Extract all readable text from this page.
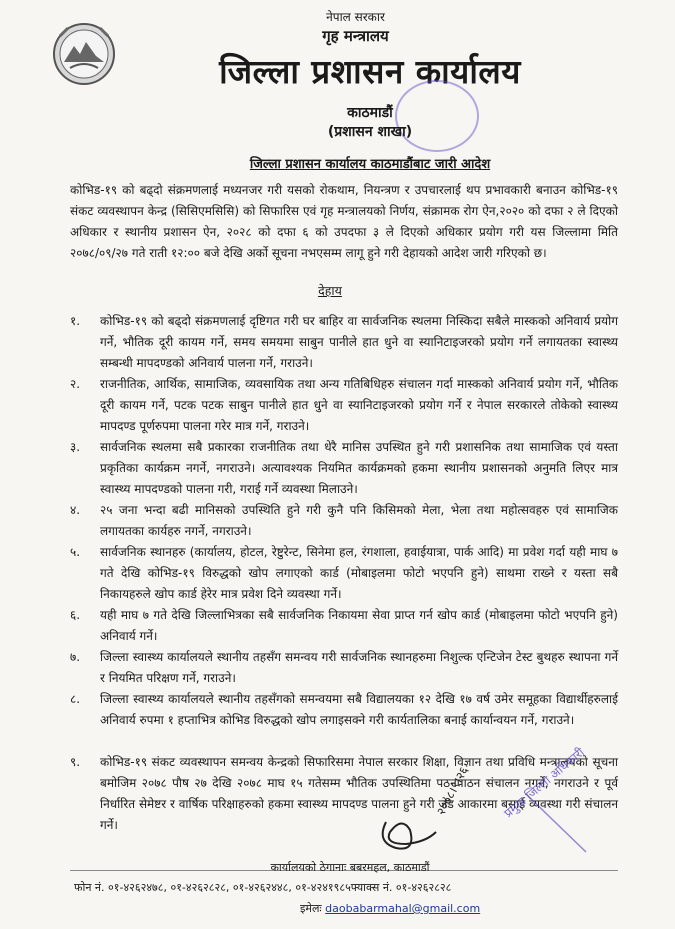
नेपाल सरकार
गृह मन्त्रालय
जिल्ला प्रशासन कार्यालय
काठमाडौं
(प्रशासन शाखा)
जिल्ला प्रशासन कार्यालय काठमाडौंबाट जारी आदेश
कोभिड-१९ को बढ्दो संक्रमणलाई मध्यनजर गरी यसको रोकथाम, नियन्त्रण र उपचारलाई थप प्रभावकारी बनाउन कोभिड-१९ संकट व्यवस्थापन केन्द्र (सिसिएमसिसि) को सिफारिस एवं गृह मन्त्रालयको निर्णय, संक्रामक रोग ऐन,२०२० को दफा २ ले दिएको अधिकार र स्थानीय प्रशासन ऐन, २०२८ को दफा ६ को उपदफा ३ ले दिएको अधिकार प्रयोग गरी यस जिल्लामा मिति २०७८/०९/२७ गते राती १२:०० बजे देखि अर्को सूचना नभएसम्म लागू हुने गरी देहायको आदेश जारी गरिएको छ।
देहाय
१. कोभिड-१९ को बढ्दो संक्रमणलाई दृष्टिगत गरी घर बाहिर वा सार्वजनिक स्थलमा निस्किदा सबैले मास्कको अनिवार्य प्रयोग गर्ने, भौतिक दूरी कायम गर्ने, समय समयमा साबुन पानीले हात धुने वा स्यानिटाइजरको प्रयोग गर्ने लगायतका स्वास्थ्य सम्बन्धी मापदण्डको अनिवार्य पालना गर्ने, गराउने।
२. राजनीतिक, आर्थिक, सामाजिक, व्यवसायिक तथा अन्य गतिबिधिहरु संचालन गर्दा मास्कको अनिवार्य प्रयोग गर्ने, भौतिक दूरी कायम गर्ने, पटक पटक साबुन पानीले हात धुने वा स्यानिटाइजरको प्रयोग गर्ने र नेपाल सरकारले तोकेको स्वास्थ्य मापदण्ड पूर्णरुपमा पालना गरेर मात्र गर्ने, गराउने।
३. सार्वजनिक स्थलमा सबै प्रकारका राजनीतिक तथा धेरै मानिस उपस्थित हुने गरी प्रशासनिक तथा सामाजिक एवं यस्ता प्रकृतिका कार्यक्रम नगर्ने, नगराउने। अत्यावश्यक नियमित कार्यक्रमको हकमा स्थानीय प्रशासनको अनुमति लिएर मात्र स्वास्थ्य मापदण्डको पालना गरी, गराई गर्ने व्यवस्था मिलाउने।
४. २५ जना भन्दा बढी मानिसको उपस्थिति हुने गरी कुनै पनि किसिमको मेला, भेला तथा महोत्सवहरु एवं सामाजिक लगायतका कार्यहरु नगर्ने, नगराउने।
५. सार्वजनिक स्थानहरु (कार्यालय, होटल, रेष्टुरेन्ट, सिनेमा हल, रंगशाला, हवाईयात्रा, पार्क आदि) मा प्रवेश गर्दा यही माघ ७ गते देखि कोभिड-१९ विरुद्धको खोप लगाएको कार्ड (मोबाइलमा फोटो भएपनि हुने) साथमा राख्ने र यस्ता सबै निकायहरुले खोप कार्ड हेरेर मात्र प्रवेश दिने व्यवस्था गर्ने।
६. यही माघ ७ गते देखि जिल्लाभित्रका सबै सार्वजनिक निकायमा सेवा प्राप्त गर्न खोप कार्ड (मोबाइलमा फोटो भएपनि हुने) अनिवार्य गर्ने।
७. जिल्ला स्वास्थ्य कार्यालयले स्थानीय तहसँग समन्वय गरी सार्वजनिक स्थानहरुमा निशुल्क एन्टिजेन टेस्ट बुथहरु स्थापना गर्ने र नियमित परिक्षण गर्ने, गराउने।
८. जिल्ला स्वास्थ्य कार्यालयले स्थानीय तहसँगको समन्वयमा सबै विद्यालयका १२ देखि १७ वर्ष उमेर समूहका विद्यार्थीहरुलाई अनिवार्य रुपमा १ हप्ताभित्र कोभिड विरुद्धको खोप लगाइसक्ने गरी कार्यतालिका बनाई कार्यान्वयन गर्ने, गराउने।
९. कोभिड-१९ संकट व्यवस्थापन समन्वय केन्द्रको सिफारिसमा नेपाल सरकार शिक्षा, विज्ञान तथा प्रविधि मन्त्रालयको सूचना बमोजिम २०७८ पौष २७ देखि २०७८ माघ १५ गतेसम्म भौतिक उपस्थितिमा पठनपाठन संचालन नगर्ने, नगराउने र पूर्व निर्धारित सेमेष्टर र वार्षिक परिक्षाहरुको हकमा स्वास्थ्य मापदण्ड पालना हुने गरी जेड आकारमा बसाई व्यवस्था गरी संचालन गर्ने।
२०७८।९।२६	प्रमुख जिल्ला अधिकारी
कार्यालयको ठेगानाः बबरमहल, काठमाडौं
फोन नं. ०१-४२६२४७८, ०१-४२६२८२८, ०१-४२६२४४८, ०१-४२४१९८५फ्याक्स नं. ०१-४२६२८२८
इमेलः daobabarmahal@gmail.com
